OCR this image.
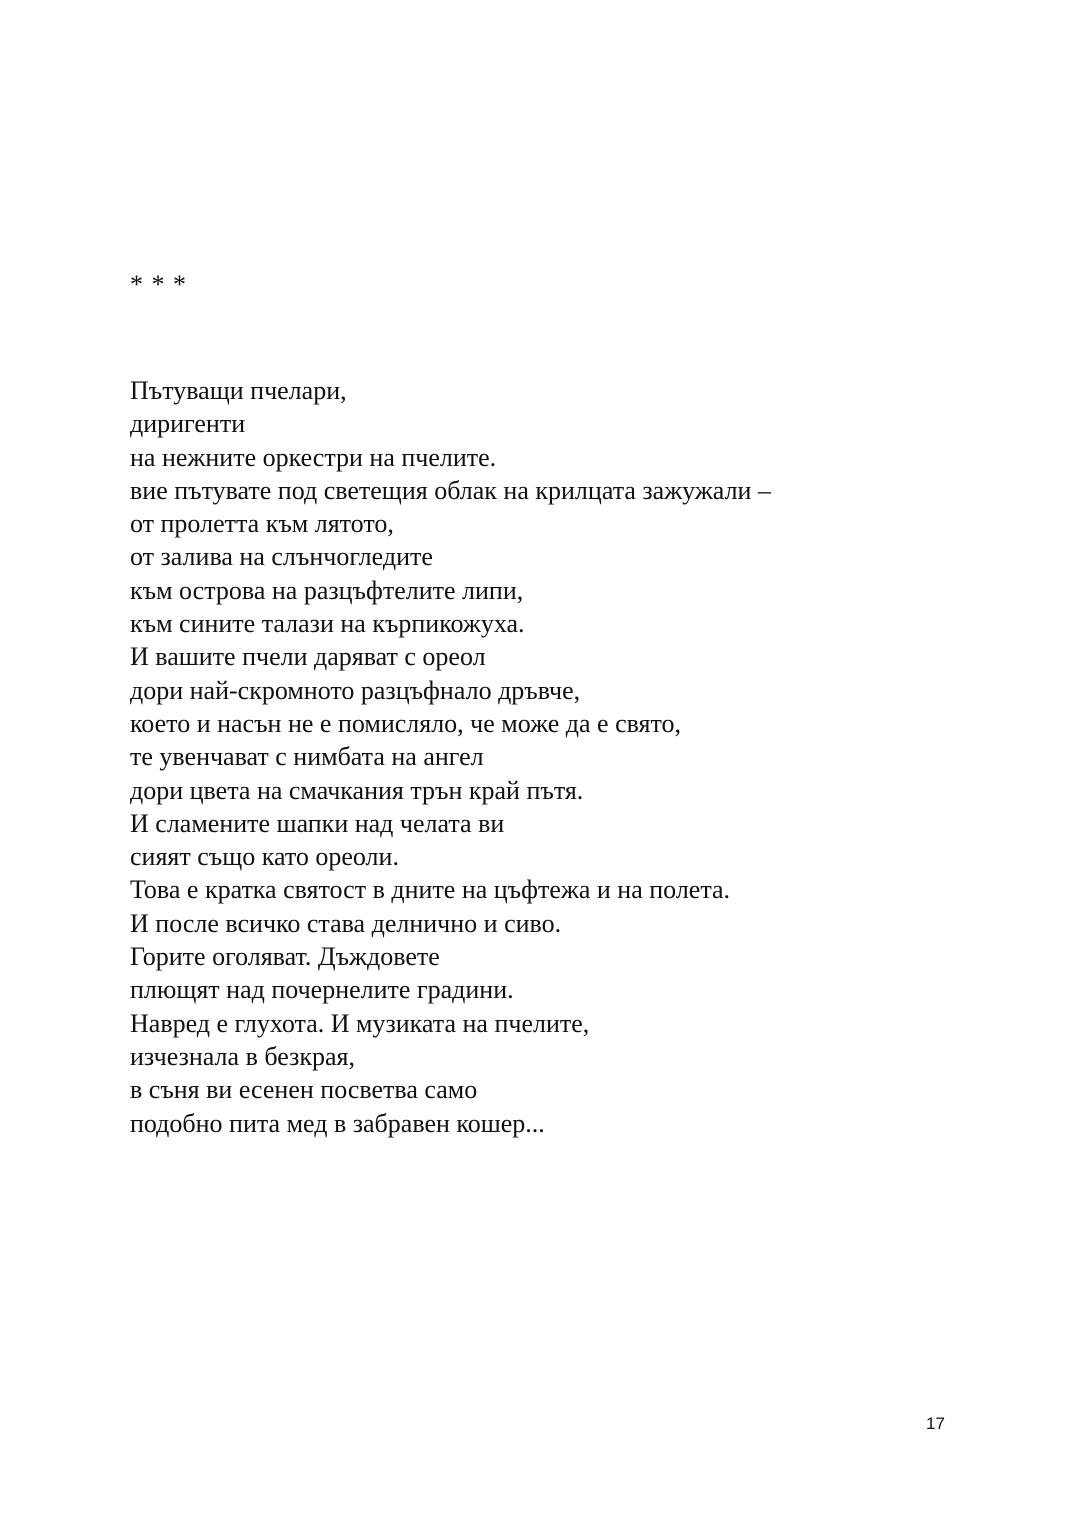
* * *
Пътуващи пчелари,
диригенти
на нежните оркестри на пчелите.
вие пътувате под светещия облак на крилцата зажужали –
от пролетта към лятото,
от залива на слънчогледите
към острова на разцъфтелите липи,
към сините талази на кърпикожуха.
И вашите пчели даряват с ореол
дори най-скромното разцъфнало дръвче,
което и насън не е помисляло, че може да е свято,
те увенчават с нимбата на ангел
дори цвета на смачкания трън край пътя.
И сламените шапки над челата ви
сияят също като ореоли.
Това е кратка святост в дните на цъфтежа и на полета.
И после всичко става делнично и сиво.
Горите оголяват. Дъждовете
плющят над почернелите градини.
Навред е глухота. И музиката на пчелите,
изчезнала в безкрая,
в съня ви есенен посветва само
подобно пита мед в забравен кошер...
17
